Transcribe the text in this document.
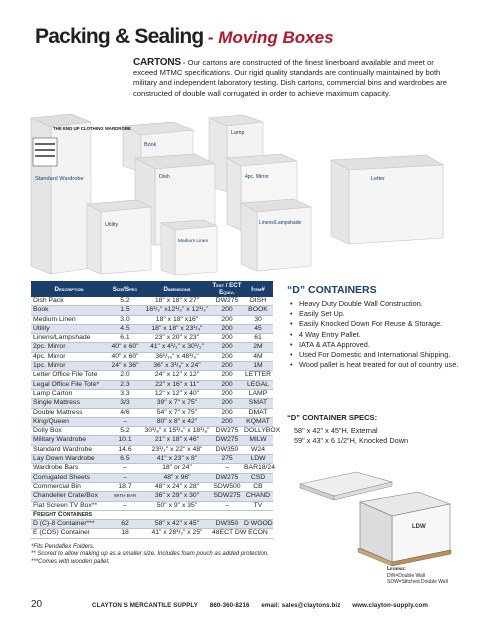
Packing & Sealing - Moving Boxes
CARTONS - Our cartons are constructed of the finest linerboard available and meet or exceed MTMC specifications. Our rigid quality standards are continually maintained by both military and independent laboratory testing. Dish cartons, commercial bins and wardrobes are constructed of double wall corrugated in order to achieve maximum capacity.
THE END UP CLOTHING WARDROBE
Standard Wardrobe
Book
Lamp
Dish	4pc. Mirror	Letter
Utility
Medium Linen
Linens/Lampshade
Description	Size/Spec	Dimensions	Test / ECT Equiv.	Item#
Dish Pack	5.2	18" x 18" x 27"	DW275	DISH
Book	1.5	16¹/₂" x12¹/₂" x 12¹/₂"	200	BOOK
Medium Linen	3.0	18" x 18" x16"	200	30
Utility	4.5	18" x 18" x 23¹/₄"	200	45
Linens/Lampshade	6.1	23" x 20" x 23"	200	61
2pc. Mirror	40" x 60"	41" x 4¹/₂" x 30¹/₂"	200	2M
4pc. Mirror	40" x 60"	36¹/₁₆" x 48¹/₈"	200	4M
1pc. Mirror	24" x 36"	36" x 3¹/₈" x 24"	200	1M
Letter Office File Tote	2.0	24" x 12" x 12"	200	LETTER
Legal Office File Tote*	2.3	22" x 16" x 11"	200	LEGAL
Lamp Carton	3.3	12" x 12" x 40"	200	LAMP
Single Mattress	3/3	39" x 7" x 75"	200	SMAT
Double Mattress	4/6	54" x 7" x 75"	200	DMAT
King/Queen	–	80" x 8" x 42"	200	KQMAT
Dolly Box	5.2	30¹/₈" x 15¹/₄" x 18¹/₈"	DW275	DOLLYBOX
Military Wardrobe	10.1	21" x 18" x 46"	DW275	MILW
Standard Wardrobe	14.6	23¹/₂" x 22" x 48"	DW350	W24
Lay Down Wardrobe	6.5	41" x 23" x 8"	275	LDW
Wardrobe Bars	–	18" or 24"	–	BAR18/24
Corrugated Sheets	–	48" x 96"	DW275	CSD
Commercial Bin	18.7	48" x 24" x 28"	SDW500	CB
Chandelier Crate/Box	WITH BAR	36" x 29" x 30"	SDW275	CHAND
Flat Screen TV Box**	–	50" x 9" x 35"	–	TV
Freight Containers				
D (C)-8 Container***	62	58" x 42" x 45"	DW350	D WOOD
E (COS) Container	18	41" x 28¹/₂" x 25"	48ECT DW	ECON
*Fits Pendaflex Folders.
** Scored to allow making up as a smaller size. Includes foam pouch as added protection.
***Comes with wooden pallet.
“D” CONTAINERS
• Heavy Duty Double Wall Construction.
• Easily Set Up.
• Easily Knocked Down For Reuse & Storage.
• 4 Way Entry Pallet.
• IATA & ATA Approved.
• Used For Domestic and International Shipping.
• Wood pallet is heat treated for out of country use.
“D” CONTAINER SPECS:
58" x 42" x 45"H, External
59" x 43" x 6 1/2"H, Knocked Down
LDW
Legend:
DW=Double Wall
SDW=Stitched Double Wall
20	CLAYTON S MERCANTILE SUPPLY 860-360-8216 email: sales@claytons.biz www.clayton-supply.com
